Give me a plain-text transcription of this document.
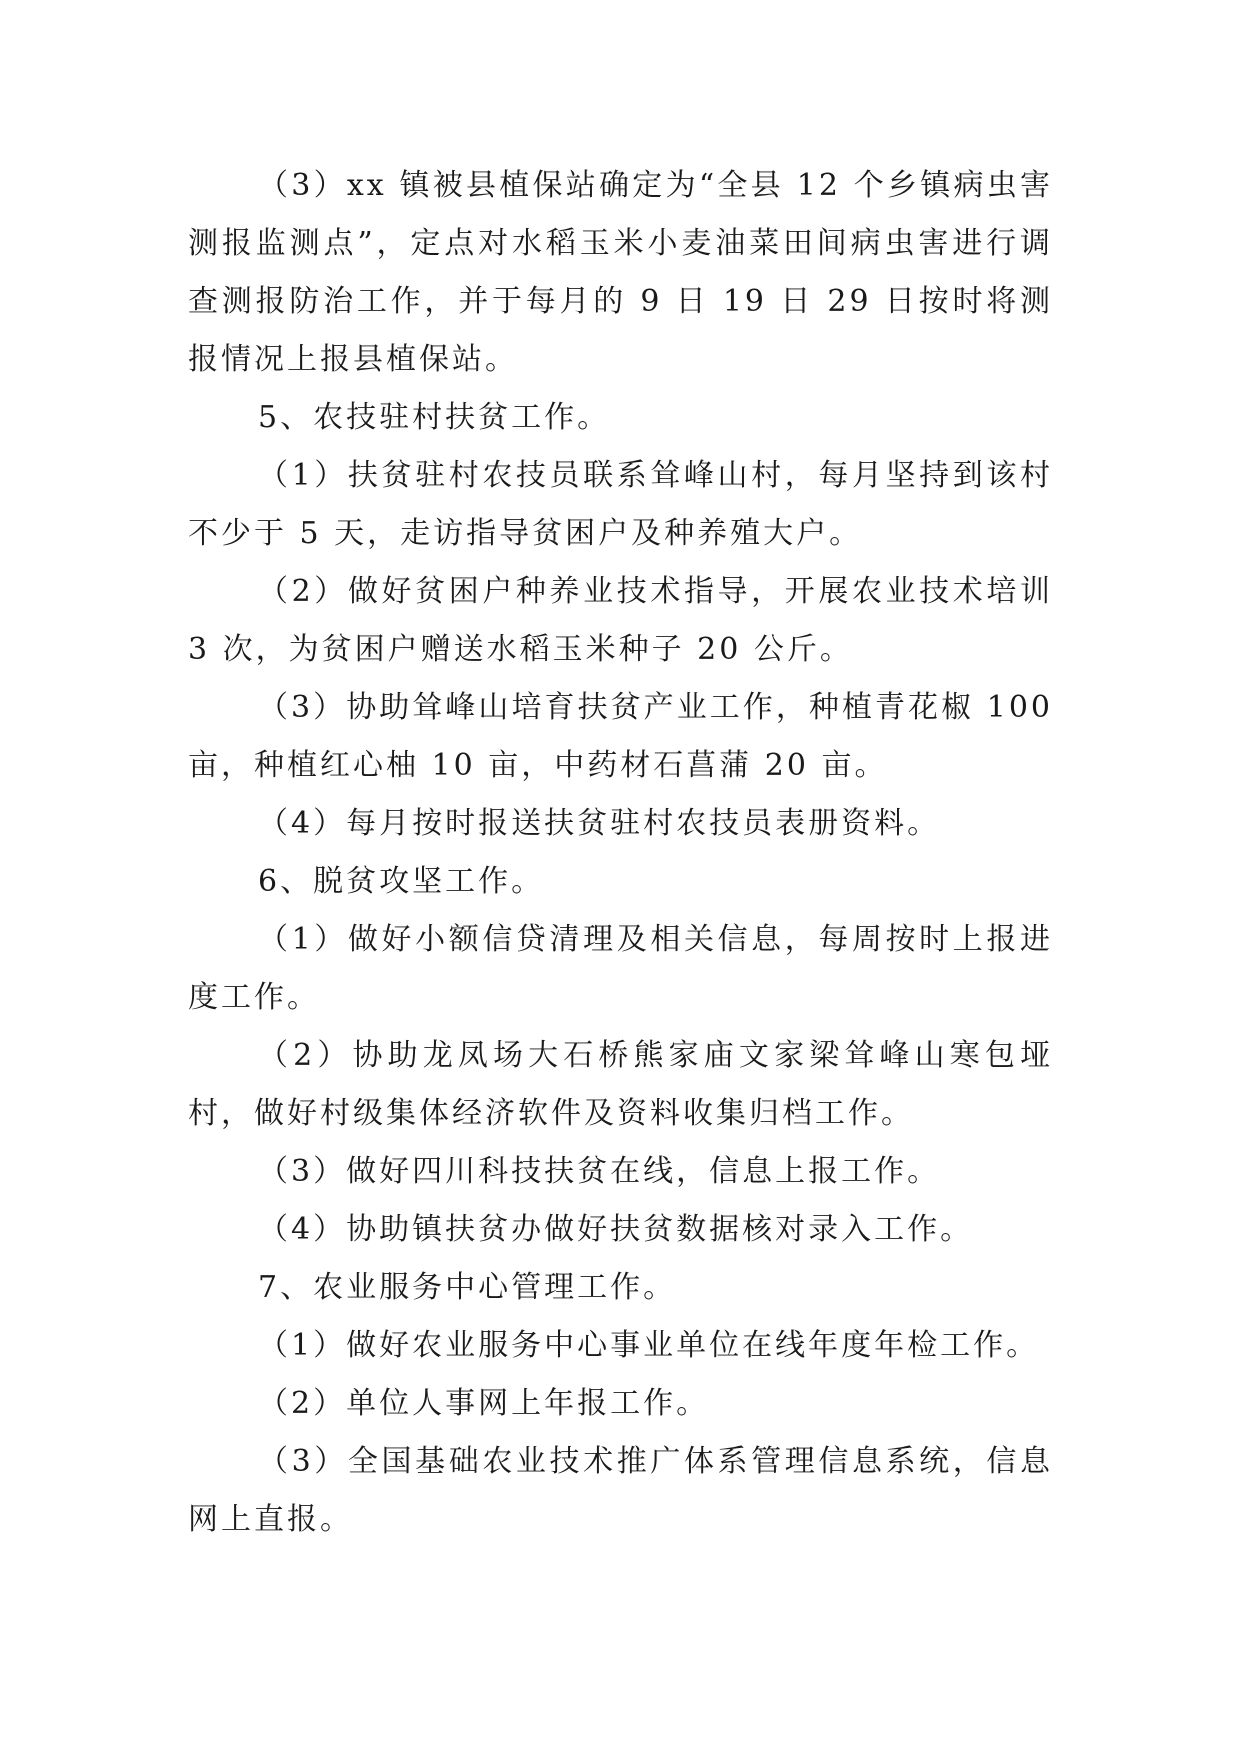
（3）xx 镇被县植保站确定为“全县 12 个乡镇病虫害测报监测点”，定点对水稻玉米小麦油菜田间病虫害进行调查测报防治工作，并于每月的 9 日 19 日 29 日按时将测报情况上报县植保站。

5、农技驻村扶贫工作。

（1）扶贫驻村农技员联系耸峰山村，每月坚持到该村不少于 5 天，走访指导贫困户及种养殖大户。

（2）做好贫困户种养业技术指导，开展农业技术培训 3 次，为贫困户赠送水稻玉米种子 20 公斤。

（3）协助耸峰山培育扶贫产业工作，种植青花椒 100 亩，种植红心柚 10 亩，中药材石菖蒲 20 亩。

（4）每月按时报送扶贫驻村农技员表册资料。

6、脱贫攻坚工作。

（1）做好小额信贷清理及相关信息，每周按时上报进度工作。

（2）协助龙凤场大石桥熊家庙文家梁耸峰山寒包垭村，做好村级集体经济软件及资料收集归档工作。

（3）做好四川科技扶贫在线，信息上报工作。

（4）协助镇扶贫办做好扶贫数据核对录入工作。

7、农业服务中心管理工作。

（1）做好农业服务中心事业单位在线年度年检工作。

（2）单位人事网上年报工作。

（3）全国基础农业技术推广体系管理信息系统，信息网上直报。
